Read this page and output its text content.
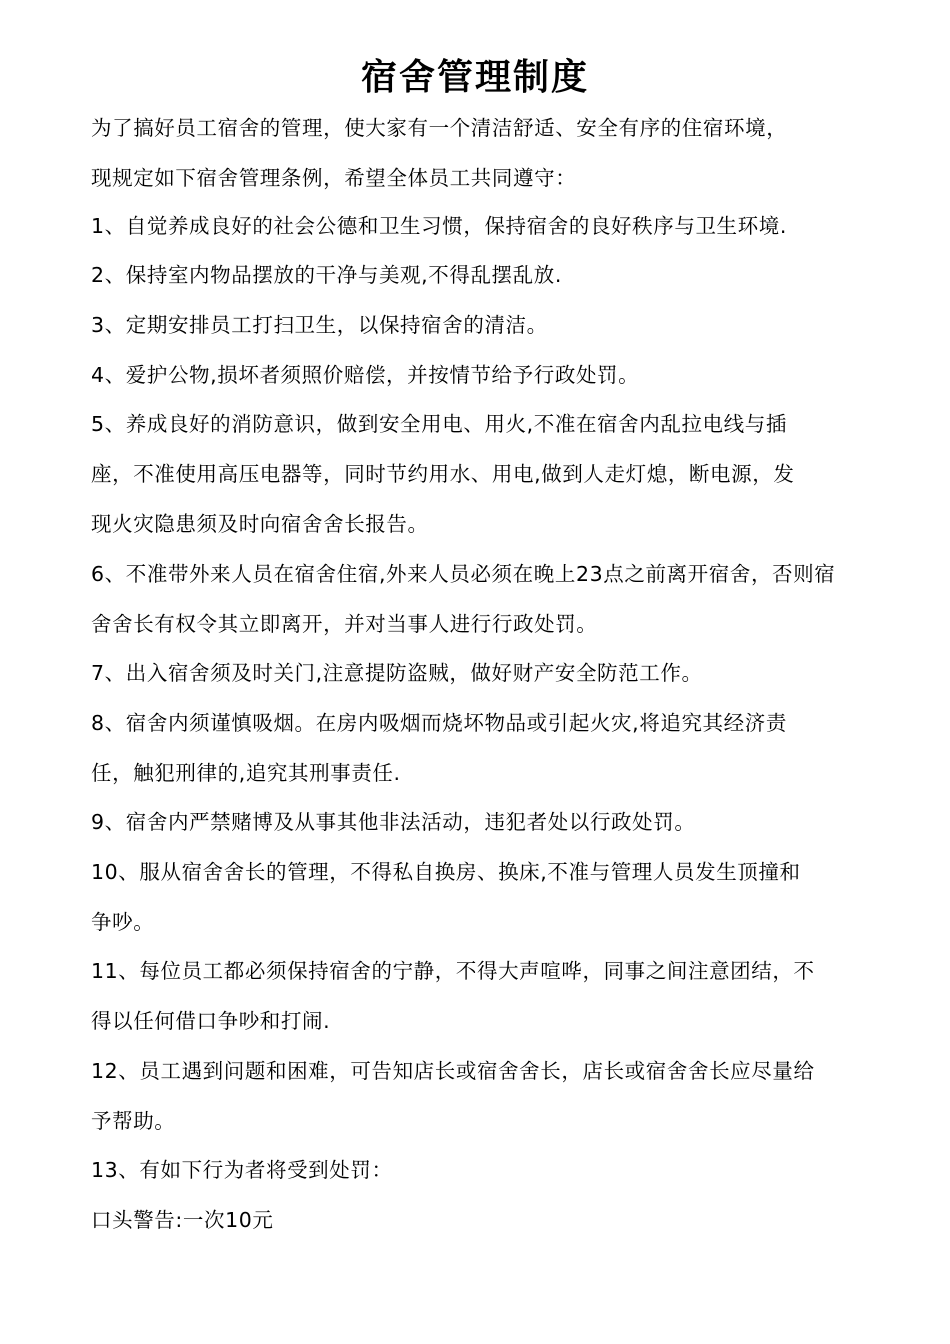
宿舍管理制度
为了搞好员工宿舍的管理，使大家有一个清洁舒适、安全有序的住宿环境，
现规定如下宿舍管理条例，希望全体员工共同遵守：
1、自觉养成良好的社会公德和卫生习惯，保持宿舍的良好秩序与卫生环境.
2、保持室内物品摆放的干净与美观,不得乱摆乱放.
3、定期安排员工打扫卫生，以保持宿舍的清洁。
4、爱护公物,损坏者须照价赔偿，并按情节给予行政处罚。
5、养成良好的消防意识，做到安全用电、用火,不准在宿舍内乱拉电线与插
座，不准使用高压电器等，同时节约用水、用电,做到人走灯熄，断电源，发
现火灾隐患须及时向宿舍舍长报告。
6、不准带外来人员在宿舍住宿,外来人员必须在晚上23点之前离开宿舍，否则宿
舍舍长有权令其立即离开，并对当事人进行行政处罚。
7、出入宿舍须及时关门,注意提防盗贼，做好财产安全防范工作。
8、宿舍内须谨慎吸烟。在房内吸烟而烧坏物品或引起火灾,将追究其经济责
任，触犯刑律的,追究其刑事责任.
9、宿舍内严禁赌博及从事其他非法活动，违犯者处以行政处罚。
10、服从宿舍舍长的管理，不得私自换房、换床,不准与管理人员发生顶撞和
争吵。
11、每位员工都必须保持宿舍的宁静，不得大声喧哗，同事之间注意团结，不
得以任何借口争吵和打闹.
12、员工遇到问题和困难，可告知店长或宿舍舍长，店长或宿舍舍长应尽量给
予帮助。
13、有如下行为者将受到处罚：
口头警告:一次10元
